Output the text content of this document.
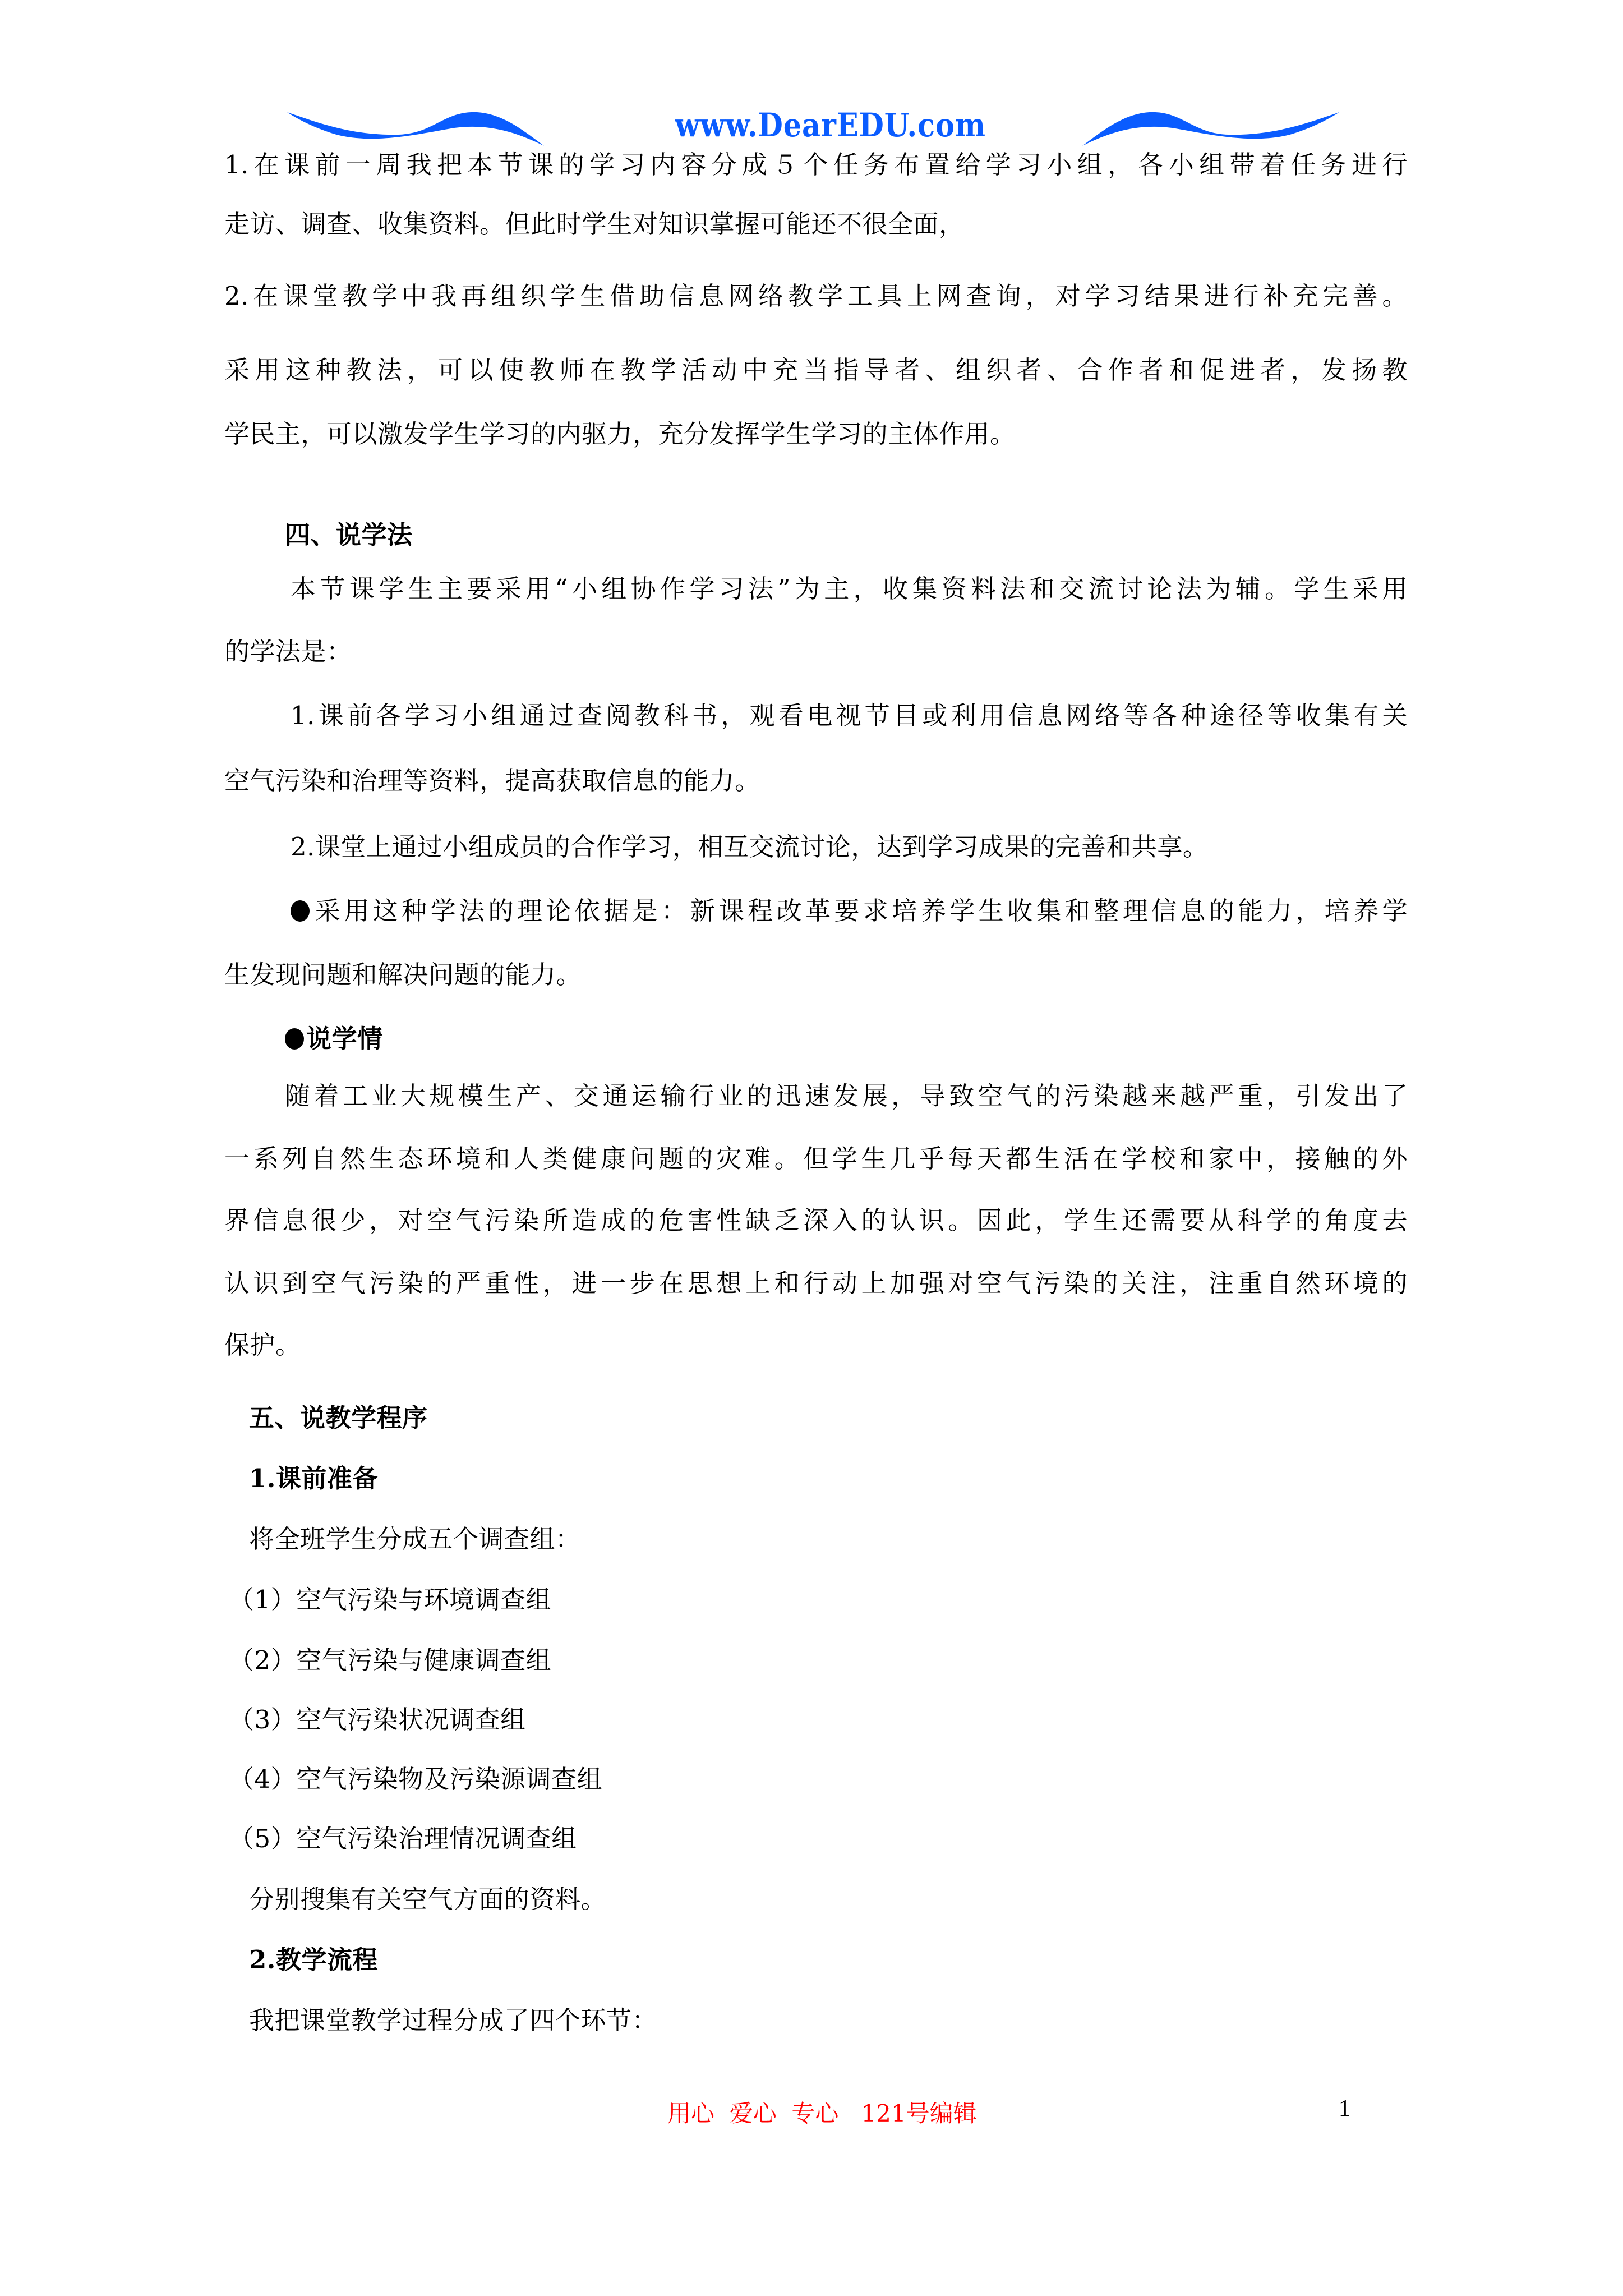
www.DearEDU.com
1.在课前一周我把本节课的学习内容分成５个任务布置给学习小组，各小组带着任务进行
走访、调查、收集资料。但此时学生对知识掌握可能还不很全面，
2.在课堂教学中我再组织学生借助信息网络教学工具上网查询，对学习结果进行补充完善。
采用这种教法，可以使教师在教学活动中充当指导者、组织者、合作者和促进者，发扬教
学民主，可以激发学生学习的内驱力，充分发挥学生学习的主体作用。
四、说学法
本节课学生主要采用“小组协作学习法”为主，收集资料法和交流讨论法为辅。学生采用
的学法是：
1.课前各学习小组通过查阅教科书，观看电视节目或利用信息网络等各种途径等收集有关
空气污染和治理等资料，提高获取信息的能力。
2.课堂上通过小组成员的合作学习，相互交流讨论，达到学习成果的完善和共享。
采用这种学法的理论依据是：新课程改革要求培养学生收集和整理信息的能力，培养学
生发现问题和解决问题的能力。
说学情
随着工业大规模生产、交通运输行业的迅速发展，导致空气的污染越来越严重，引发出了
一系列自然生态环境和人类健康问题的灾难。但学生几乎每天都生活在学校和家中，接触的外
界信息很少，对空气污染所造成的危害性缺乏深入的认识。因此，学生还需要从科学的角度去
认识到空气污染的严重性，进一步在思想上和行动上加强对空气污染的关注，注重自然环境的
保护。
五、说教学程序
1.课前准备
将全班学生分成五个调查组：
（1）空气污染与环境调查组
（2）空气污染与健康调查组
（3）空气污染状况调查组
（4）空气污染物及污染源调查组
（5）空气污染治理情况调查组
分别搜集有关空气方面的资料。
2.教学流程
我把课堂教学过程分成了四个环节：
用心  爱心  专心   121号编辑	1
